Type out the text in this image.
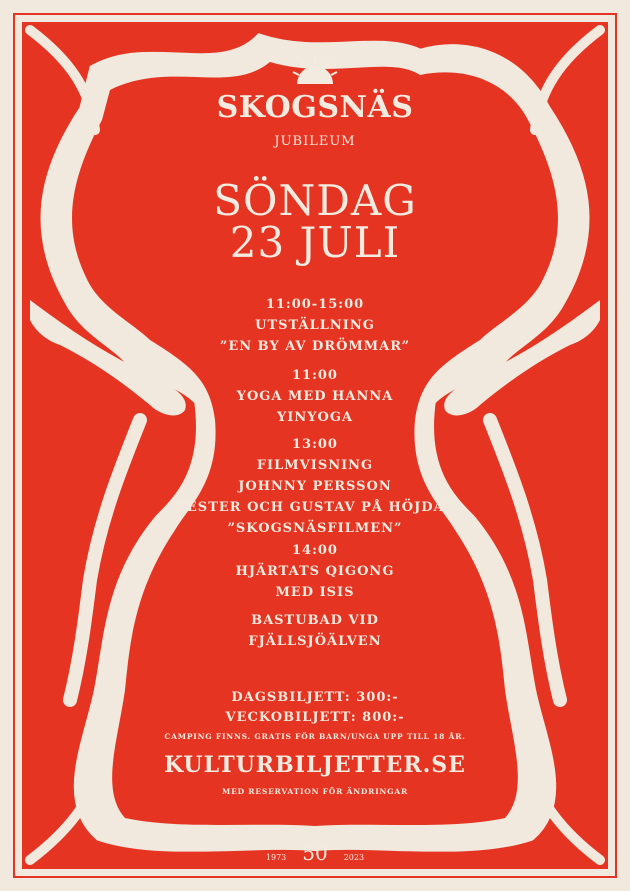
SKOGSNÄS
JUBILEUM
SÖNDAG
23 JULI
11:00-15:00
UTSTÄLLNING
”EN BY AV DRÖMMAR”
11:00
YOGA MED HANNA
YINYOGA
13:00
FILMVISNING
JOHNNY PERSSON
”ESTER OCH GUSTAV PÅ HÖJDA”
”SKOGSNÄSFILMEN”
14:00
HJÄRTATS QIGONG
MED ISIS
BASTUBAD VID
FJÄLLSJÖÄLVEN
DAGSBILJETT: 300:-
VECKOBILJETT: 800:-
CAMPING FINNS. GRATIS FÖR BARN/UNGA UPP TILL 18 ÅR.
KULTURBILJETTER.SE
MED RESERVATION FÖR ÄNDRINGAR
1973 50 2023
